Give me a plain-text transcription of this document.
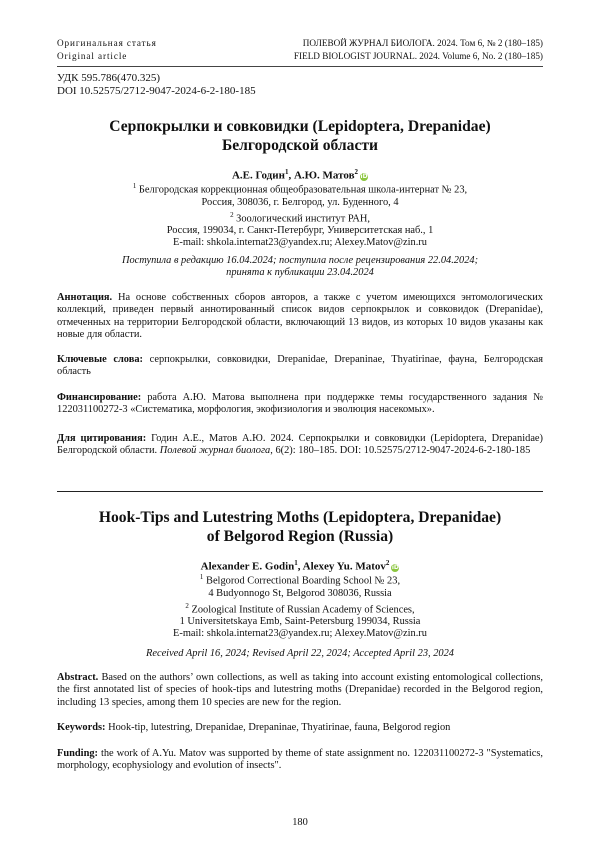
Оригинальная статья
Original article
ПОЛЕВОЙ ЖУРНАЛ БИОЛОГА. 2024. Том 6, № 2 (180–185)
FIELD BIOLOGIST JOURNAL. 2024. Volume 6, No. 2 (180–185)
УДК 595.786(470.325)
DOI 10.52575/2712-9047-2024-6-2-180-185
Серпокрылки и совковидки (Lepidoptera, Drepanidae)
Белгородской области
А.Е. Годин$^1$, А.Ю. Матов$^2$iD
$^1$ Белгородская коррекционная общеобразовательная школа-интернат № 23,
Россия, 308036, г. Белгород, ул. Буденного, 4
$^2$ Зоологический институт РАН,
Россия, 199034, г. Санкт-Петербург, Университетская наб., 1
E-mail: shkola.internat23@yandex.ru; Alexey.Matov@zin.ru
Поступила в редакцию 16.04.2024; поступила после рецензирования 22.04.2024;
принята к публикации 23.04.2024
Аннотация. На основе собственных сборов авторов, а также с учетом имеющихся энтомологических коллекций, приведен первый аннотированный список видов серпокрылок и совковидок (Drepanidae), отмеченных на территории Белгородской области, включающий 13 видов, из которых 10 видов указаны как новые для области.
Ключевые слова: серпокрылки, совковидки, Drepanidae, Drepaninae, Thyatirinae, фауна, Белгородская область
Финансирование: работа А.Ю. Матова выполнена при поддержке темы государственного задания № 122031100272-3 «Систематика, морфология, экофизиология и эволюция насекомых».
Для цитирования: Годин А.Е., Матов А.Ю. 2024. Серпокрылки и совковидки (Lepidoptera, Drepanidae) Белгородской области. Полевой журнал биолога, 6(2): 180–185. DOI: 10.52575/2712-9047-2024-6-2-180-185
Hook-Tips and Lutestring Moths (Lepidoptera, Drepanidae)
of Belgorod Region (Russia)
Alexander E. Godin$^1$, Alexey Yu. Matov$^2$iD
$^1$ Belgorod Correctional Boarding School № 23,
4 Budyonnogo St, Belgorod 308036, Russia
$^2$ Zoological Institute of Russian Academy of Sciences,
1 Universitetskaya Emb, Saint-Petersburg 199034, Russia
E-mail: shkola.internat23@yandex.ru; Alexey.Matov@zin.ru
Received April 16, 2024; Revised April 22, 2024; Accepted April 23, 2024
Abstract. Based on the authors’ own collections, as well as taking into account existing entomological collections, the first annotated list of species of hook-tips and lutestring moths (Drepanidae) recorded in the Belgorod region, including 13 species, among them 10 species are new for the region.
Keywords: Hook-tip, lutestring, Drepanidae, Drepaninae, Thyatirinae, fauna, Belgorod region
Funding: the work of A.Yu. Matov was supported by theme of state assignment no. 122031100272-3 "Systematics, morphology, ecophysiology and evolution of insects".
180
